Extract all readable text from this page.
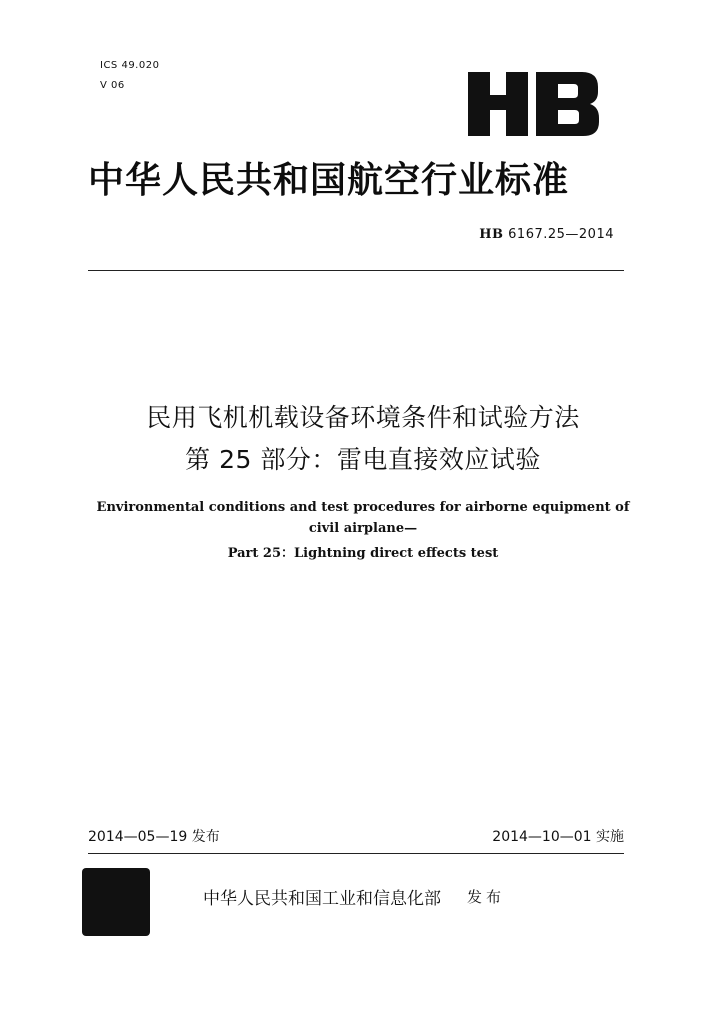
ICS 49.020
V 06
中华人民共和国航空行业标准
HB 6167.25—2014
民用飞机机载设备环境条件和试验方法
第 25 部分：雷电直接效应试验
Environmental conditions and test procedures for airborne equipment of
civil airplane—
Part 25：Lightning direct effects test
2014—05—19 发布	2014—10—01 实施
中华人民共和国工业和信息化部 发布
